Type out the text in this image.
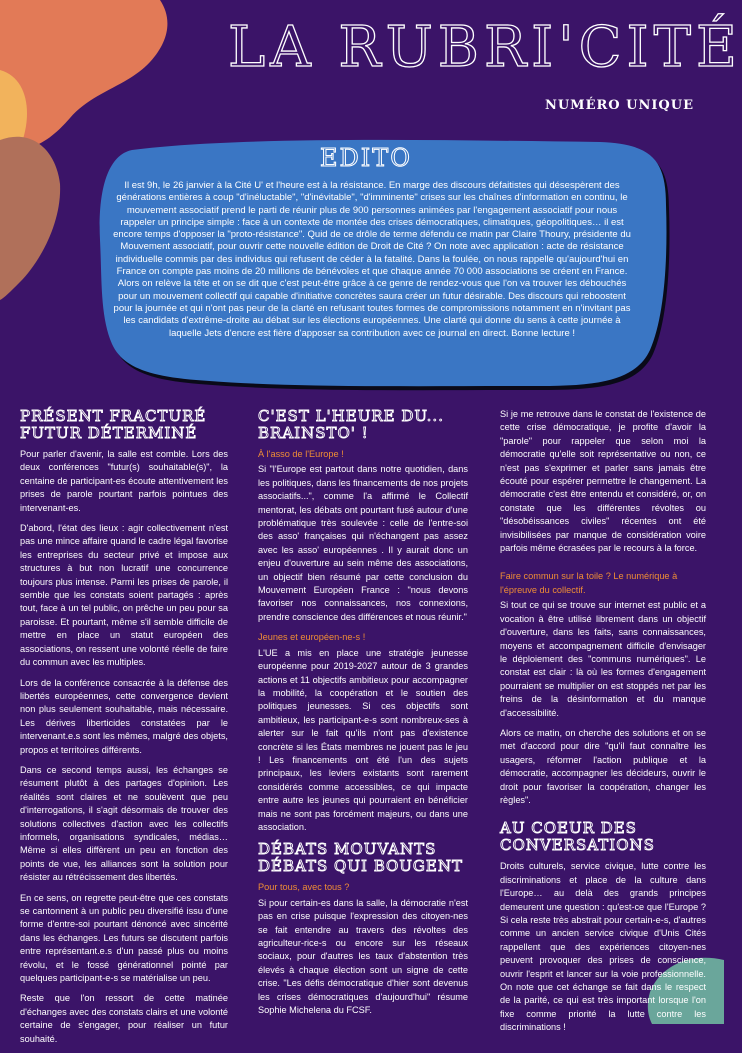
LA RUBRI'CITÉ
NUMÉRO UNIQUE
EDITO
Il est 9h, le 26 janvier à la Cité U' et l'heure est à la résistance. En marge des discours défaitistes qui désespèrent des générations entières à coup "d'inéluctable", "d'inévitable", "d'imminente" crises sur les chaînes d'information en continu, le mouvement associatif prend le parti de réunir plus de 900 personnes animées par l'engagement associatif pour nous rappeler un principe simple : face à un contexte de montée des crises démocratiques, climatiques, géopolitiques… il est encore temps d'opposer la "proto-résistance". Quid de ce drôle de terme défendu ce matin par Claire Thoury, présidente du Mouvement associatif, pour ouvrir cette nouvelle édition de Droit de Cité ? On note avec application : acte de résistance individuelle commis par des individus qui refusent de céder à la fatalité. Dans la foulée, on nous rappelle qu'aujourd'hui en France on compte pas moins de 20 millions de bénévoles et que chaque année 70 000 associations se créent en France. Alors on relève la tête et on se dit que c'est peut-être grâce à ce genre de rendez-vous que l'on va trouver les débouchés pour un mouvement collectif qui capable d'initiative concrètes saura créer un futur désirable. Des discours qui reboostent pour la journée et qui n'ont pas peur de la clarté en refusant toutes formes de compromissions notamment en n'invitant pas les candidats d'extrême-droite au débat sur les élections européennes. Une clarté qui donne du sens à cette journée à laquelle Jets d'encre est fière d'apposer sa contribution avec ce journal en direct. Bonne lecture !
PRÉSENT FRACTURÉ FUTUR DÉTERMINÉ
Pour parler d'avenir, la salle est comble. Lors des deux conférences "futur(s) souhaitable(s)", la centaine de participant-es écoute attentivement les prises de parole pourtant parfois pointues des intervenant-es.
D'abord, l'état des lieux : agir collectivement n'est pas une mince affaire quand le cadre légal favorise les entreprises du secteur privé et impose aux structures à but non lucratif une concurrence toujours plus intense. Parmi les prises de parole, il semble que les constats soient partagés : après tout, face à un tel public, on prêche un peu pour sa paroisse. Et pourtant, même s'il semble difficile de mettre en place un statut européen des associations, on ressent une volonté réelle de faire du commun avec les multiples.
Lors de la conférence consacrée à la défense des libertés européennes, cette convergence devient non plus seulement souhaitable, mais nécessaire. Les dérives liberticides constatées par le intervenant.e.s sont les mêmes, malgré des objets, propos et territoires différents.
Dans ce second temps aussi, les échanges se résument plutôt à des partages d'opinion. Les réalités sont claires et ne soulèvent que peu d'interrogations, il s'agit désormais de trouver des solutions collectives d'action avec les collectifs informels, organisations syndicales, médias… Même si elles diffèrent un peu en fonction des points de vue, les alliances sont la solution pour résister au rétrécissement des libertés.
En ce sens, on regrette peut-être que ces constats se cantonnent à un public peu diversifié issu d'une forme d'entre-soi pourtant dénoncé avec sincérité dans les échanges. Les futurs se discutent parfois entre représentant.e.s d'un passé plus ou moins révolu, et le fossé générationnel pointé par quelques participant-e-s se matérialise un peu.
Reste que l'on ressort de cette matinée d'échanges avec des constats clairs et une volonté certaine de s'engager, pour réaliser un futur souhaité.
C'EST L'HEURE DU... BRAINSTO' !
À l'asso de l'Europe !
Si "l'Europe est partout dans notre quotidien, dans les politiques, dans les financements de nos projets associatifs...", comme l'a affirmé le Collectif mentorat, les débats ont pourtant fusé autour d'une problématique très soulevée : celle de l'entre-soi des asso' françaises qui n'échangent pas assez avec les asso' européennes . Il y aurait donc un enjeu d'ouverture au sein même des associations, un objectif bien résumé par cette conclusion du Mouvement Européen France : "nous devons favoriser nos connaissances, nos connexions, prendre conscience des différences et nous réunir."
Jeunes et européen-ne-s !
L'UE a mis en place une stratégie jeunesse européenne pour 2019-2027 autour de 3 grandes actions et 11 objectifs ambitieux pour accompagner la mobilité, la coopération et le soutien des politiques jeunesses. Si ces objectifs sont ambitieux, les participant-e-s sont nombreux-ses à alerter sur le fait qu'ils n'ont pas d'existence concrète si les États membres ne jouent pas le jeu ! Les financements ont été l'un des sujets principaux, les leviers existants sont rarement considérés comme accessibles, ce qui impacte entre autre les jeunes qui pourraient en bénéficier mais ne sont pas forcément majeurs, ou dans une association.
DÉBATS MOUVANTS DÉBATS QUI BOUGENT
Pour tous, avec tous ?
Si pour certain-es dans la salle, la démocratie n'est pas en crise puisque l'expression des citoyen-nes se fait entendre au travers des révoltes des agriculteur-rice-s ou encore sur les réseaux sociaux, pour d'autres les taux d'abstention très élevés à chaque élection sont un signe de cette crise. "Les défis démocratique d'hier sont devenus les crises démocratiques d'aujourd'hui" résume Sophie Michelena du FCSF.
Si je me retrouve dans le constat de l'existence de cette crise démocratique, je profite d'avoir la "parole" pour rappeler que selon moi la démocratie qu'elle soit représentative ou non, ce n'est pas s'exprimer et parler sans jamais être écouté pour espérer permettre le changement. La démocratie c'est être entendu et considéré, or, on constate que les différentes révoltes ou "désobéissances civiles" récentes ont été invisibilisées par manque de considération voire parfois même écrasées par le recours à la force.
Faire commun sur la toile ? Le numérique à l'épreuve du collectif.
Si tout ce qui se trouve sur internet est public et a vocation à être utilisé librement dans un objectif d'ouverture, dans les faits, sans connaissances, moyens et accompagnement difficile d'envisager le déploiement des "communs numériques". Le constat est clair : là où les formes d'engagement pourraient se multiplier on est stoppés net par les freins de la désinformation et du manque d'accessibilité.
Alors ce matin, on cherche des solutions et on se met d'accord pour dire "qu'il faut connaître les usagers, réformer l'action publique et la démocratie, accompagner les décideurs, ouvrir le droit pour favoriser la coopération, changer les règles".
AU COEUR DES CONVERSATIONS
Droits culturels, service civique, lutte contre les discriminations et place de la culture dans l'Europe… au delà des grands principes demeurent une question : qu'est-ce que l'Europe ? Si cela reste très abstrait pour certain-e-s, d'autres comme un ancien service civique d'Unis Cités rappellent que des expériences citoyen-nes peuvent provoquer des prises de conscience, ouvrir l'esprit et lancer sur la voie professionnelle. On note que cet échange se fait dans le respect de la parité, ce qui est très important lorsque l'on fixe comme priorité la lutte contre les discriminations !
